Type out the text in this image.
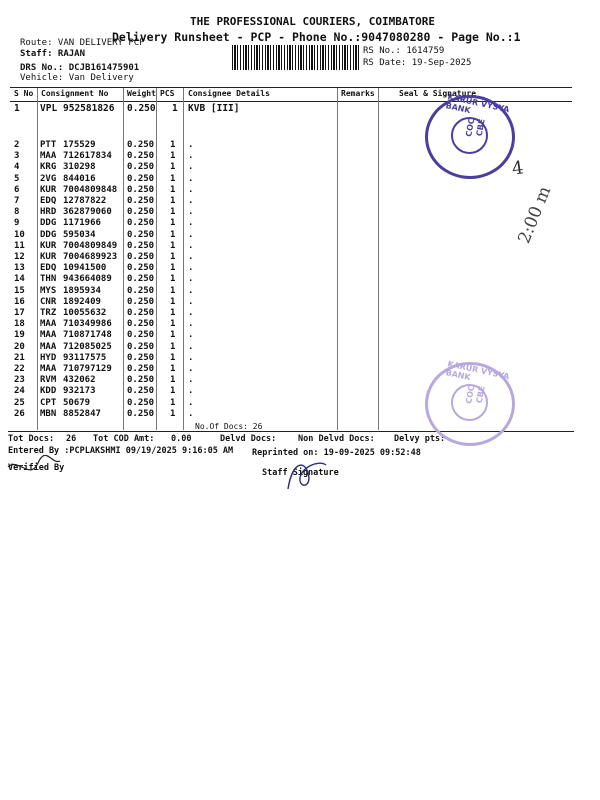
THE PROFESSIONAL COURIERS, COIMBATORE
Delivery Runsheet - PCP - Phone No.:9047080280 - Page No.:1
Route: VAN DELIVERY PCP
Staff: RAJAN
DRS No.: DCJB161475901
Vehicle: Van Delivery
RS No.: 1614759
RS Date: 19-Sep-2025
S No Consignment No Weight PCS Consignee Details	Remarks	Seal & Signature
1 VPL 952581826 0.250 1 KVB [III]
2 PTT 175529	0.250 1 .
3 MAA 712617834 0.250 1 .
4 KRG 310298	0.250 1 .
5 2VG 844016	0.250 1 .
6 KUR 7004809848 0.250 1 .
7 EDQ 12787822 0.250 1 .
8 HRD 362879060 0.250 1 .
9 DDG 1171966	0.250 1 .
10 DDG 595034	0.250 1 .
11 KUR 7004809849 0.250 1 .
12 KUR 7004689923 0.250 1 .
13 EDQ 10941500 0.250 1 .
14 THN 943664089 0.250 1 .
15 MYS 1895934	0.250 1 .
16 CNR 1892409	0.250 1 .
17 TRZ 10055632 0.250 1 .
18 MAA 710349986 0.250 1 .
19 MAA 710871748 0.250 1 .
20 MAA 712085025 0.250 1 .
21 HYD 93117575 0.250 1 .
22 MAA 710797129 0.250 1 .
23 RVM 432062	0.250 1 .
24 KDD 932173	0.250 1 .
25 CPT 50679	0.250 1 .
26 MBN 8852847	0.250 1 .
No.Of Docs: 26
Tot Docs: 26 Tot COD Amt: 0.00	Delvd Docs:	Non Delvd Docs: Delvy pts:
Entered By :PCPLAKSHMI 09/19/2025 9:16:05 AM Reprinted on: 19-09-2025 09:52:48
Verified By	Staff Signature
4
2:00 m
KARUR VYSYA BANK
COC
CBE
KARUR VYSYA BANK
COC
CBE
